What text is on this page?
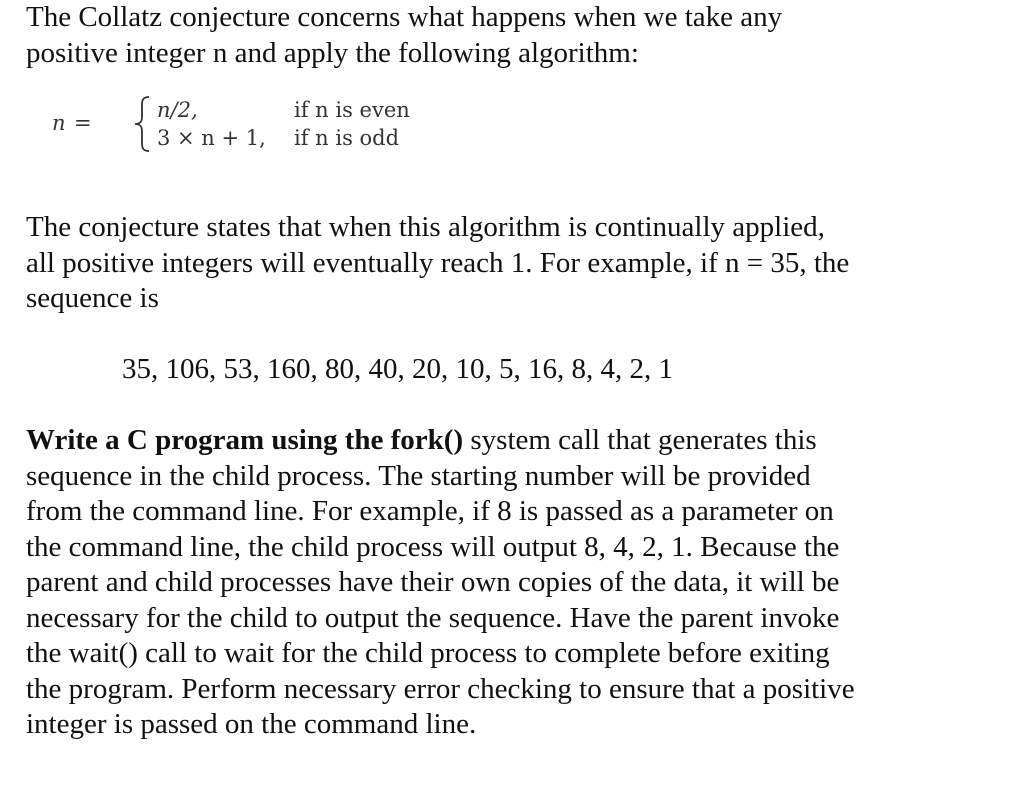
The Collatz conjecture concerns what happens when we take any
positive integer n and apply the following algorithm:

n =
n/2,	if n is even
3 × n + 1, if n is odd

The conjecture states that when this algorithm is continually applied,
all positive integers will eventually reach 1. For example, if n = 35, the
sequence is

35, 106, 53, 160, 80, 40, 20, 10, 5, 16, 8, 4, 2, 1

Write a C program using the fork() system call that generates this
sequence in the child process. The starting number will be provided
from the command line. For example, if 8 is passed as a parameter on
the command line, the child process will output 8, 4, 2, 1. Because the
parent and child processes have their own copies of the data, it will be
necessary for the child to output the sequence. Have the parent invoke
the wait() call to wait for the child process to complete before exiting
the program. Perform necessary error checking to ensure that a positive
integer is passed on the command line.
